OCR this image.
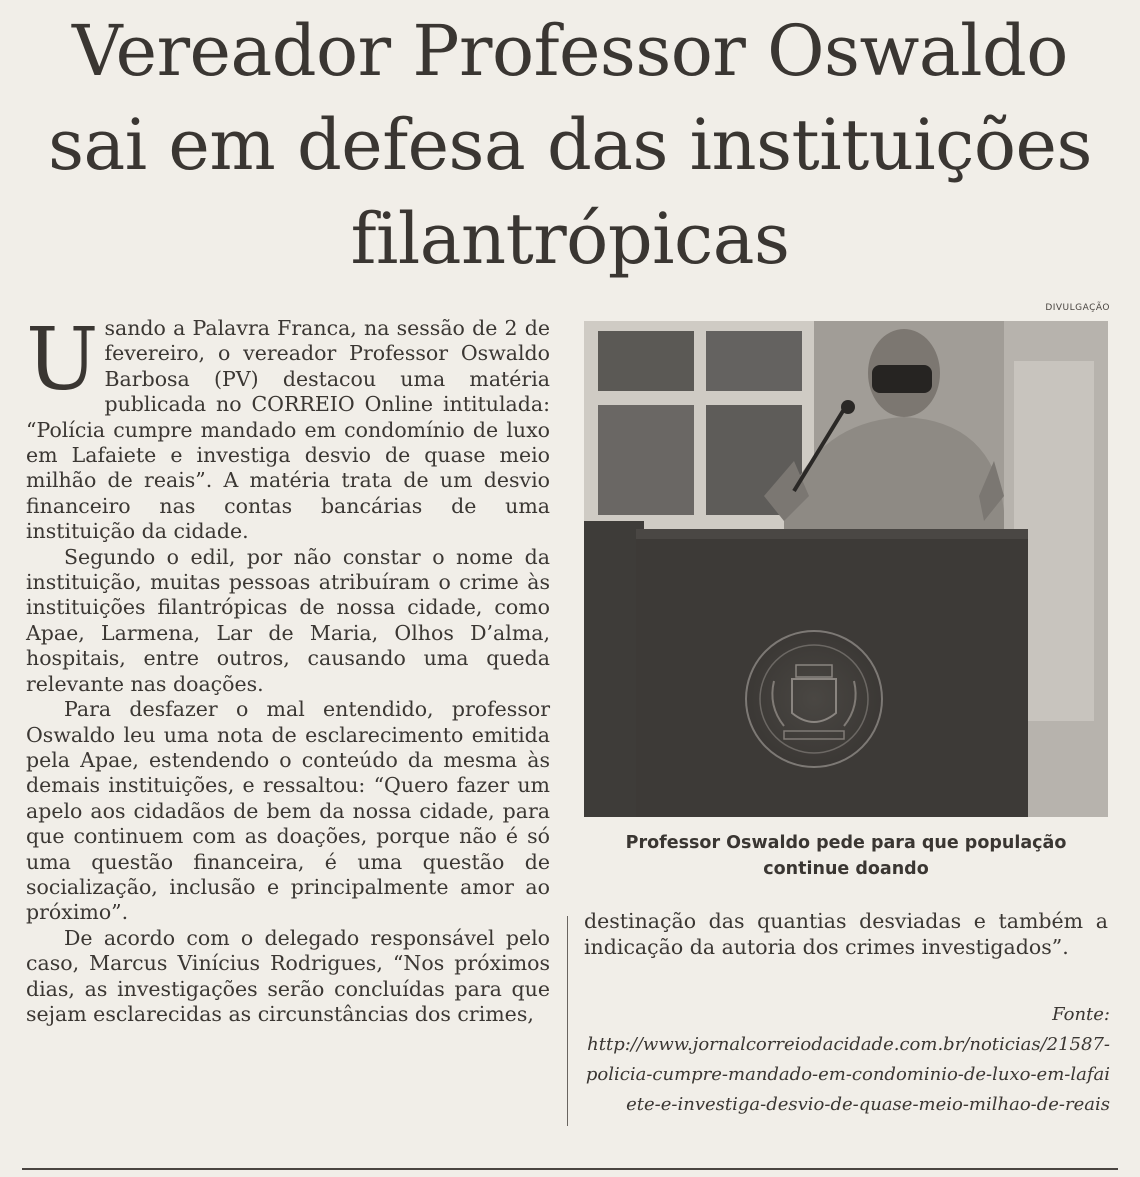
Vereador Professor Oswaldo sai em defesa das instituições filantrópicas
DIVULGAÇÃO

Usando a Palavra Franca, na sessão de 2 de fevereiro, o vereador Professor Oswaldo Barbosa (PV) destacou uma matéria publicada no CORREIO Online intitulada: “Polícia cumpre mandado em condomínio de luxo em Lafaiete e investiga desvio de quase meio milhão de reais”. A matéria trata de um desvio financeiro nas contas bancárias de uma instituição da cidade.

Segundo o edil, por não constar o nome da instituição, muitas pessoas atribuíram o crime às instituições filantrópicas de nossa cidade, como Apae, Larmena, Lar de Maria, Olhos D’alma, hospitais, entre outros, causando uma queda relevante nas doações.

Para desfazer o mal entendido, professor Oswaldo leu uma nota de esclarecimento emitida pela Apae, estendendo o conteúdo da mesma às demais instituições, e ressaltou: “Quero fazer um apelo aos cidadãos de bem da nossa cidade, para que continuem com as doações, porque não é só uma questão financeira, é uma questão de socialização, inclusão e principalmente amor ao próximo”.

De acordo com o delegado responsável pelo caso, Marcus Vinícius Rodrigues, “Nos próximos dias, as investigações serão concluídas para que sejam esclarecidas as circunstâncias dos crimes,

Professor Oswaldo pede para que população continue doando

destinação das quantias desviadas e também a indicação da autoria dos crimes investigados”.

Fonte:
http://www.jornalcorreiodacidade.com.br/noticias/21587-policia-cumpre-mandado-em-condominio-de-luxo-em-lafaiete-e-investiga-desvio-de-quase-meio-milhao-de-reais
